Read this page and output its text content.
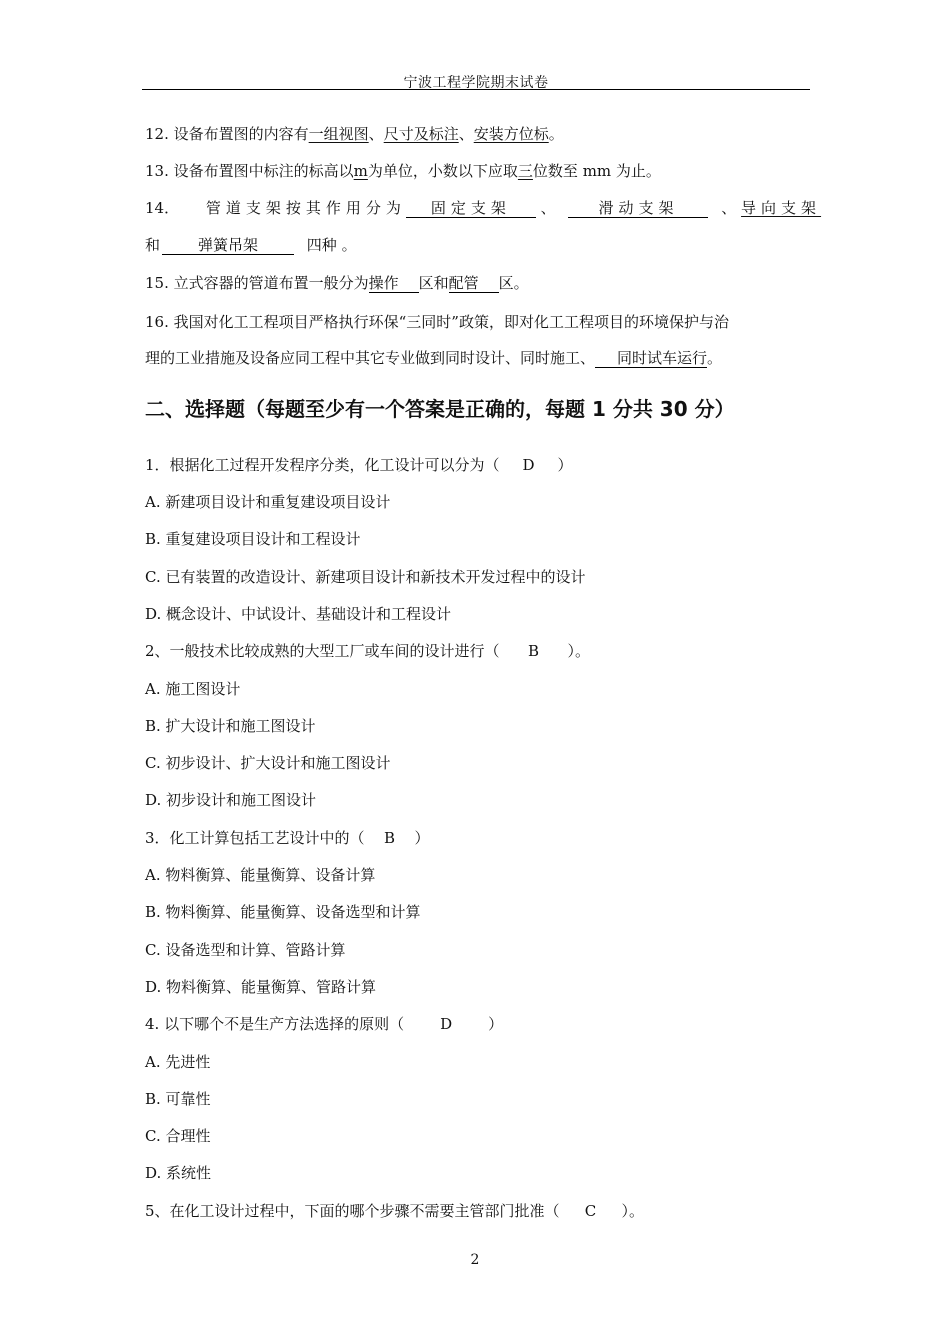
宁波工程学院期末试卷
12. 设备布置图的内容有一组视图、尺寸及标注、安装方位标。
13. 设备布置图中标注的标高以m为单位，小数以下应取三位数至 mm 为止。
14． 管道支架按其作用分为 固定支架 、	滑动支架	、 导向支架
和	弹簧吊架	四种 。
15. 立式容器的管道布置一般分为操作 区和配管 区。
16. 我国对化工工程项目严格执行环保“三同时”政策，即对化工工程项目的环境保护与治
理的工业措施及设备应同工程中其它专业做到同时设计、同时施工、 同时试车运行。
二、选择题（每题至少有一个答案是正确的，每题 1 分共 30 分）
1．根据化工过程开发程序分类，化工设计可以分为（ D ）
A. 新建项目设计和重复建设项目设计
B. 重复建设项目设计和工程设计
C. 已有装置的改造设计、新建项目设计和新技术开发过程中的设计
D. 概念设计、中试设计、基础设计和工程设计
2、一般技术比较成熟的大型工厂或车间的设计进行（ B ）。
A. 施工图设计
B. 扩大设计和施工图设计
C. 初步设计、扩大设计和施工图设计
D. 初步设计和施工图设计
3．化工计算包括工艺设计中的（ B ）
A. 物料衡算、能量衡算、设备计算
B. 物料衡算、能量衡算、设备选型和计算
C. 设备选型和计算、管路计算
D. 物料衡算、能量衡算、管路计算
4. 以下哪个不是生产方法选择的原则（ D ）
A. 先进性
B. 可靠性
C. 合理性
D. 系统性
5、在化工设计过程中，下面的哪个步骤不需要主管部门批准（ C ）。
2
